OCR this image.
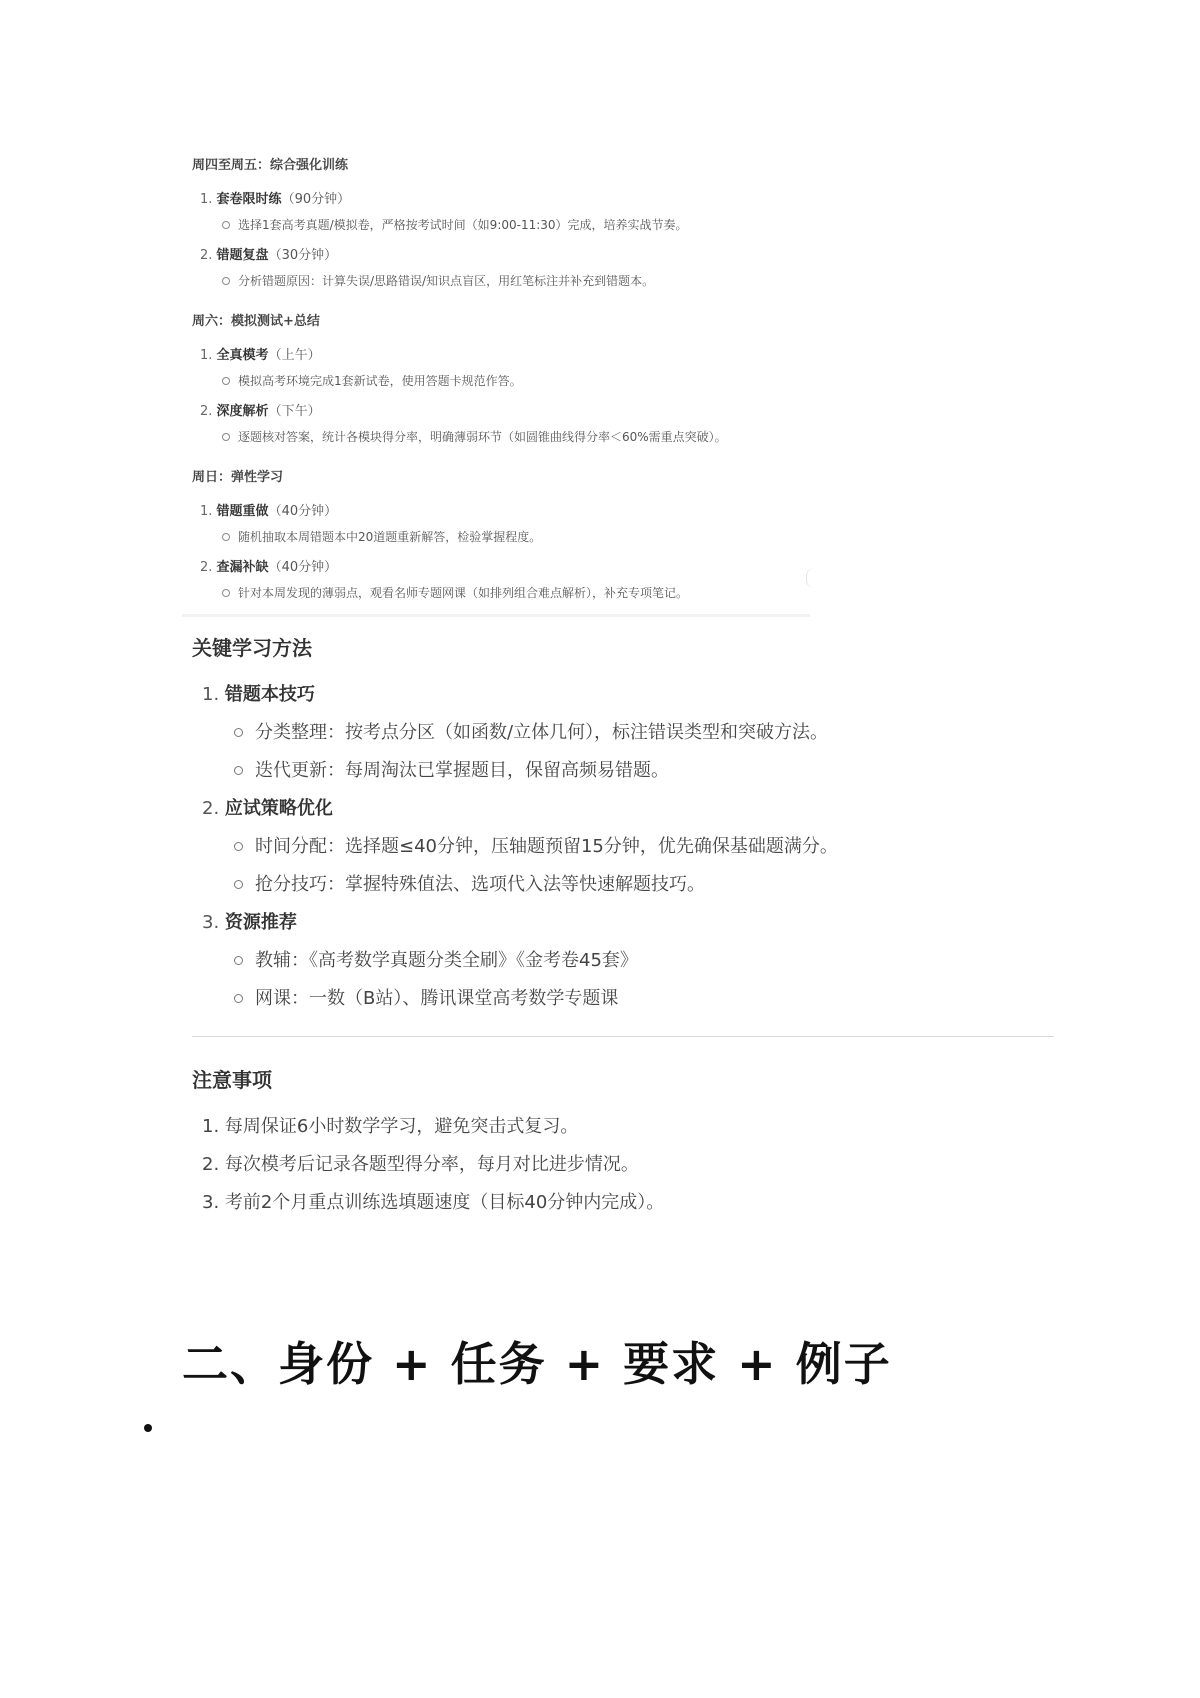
周四至周五：综合强化训练
1. 套卷限时练（90分钟）
选择1套高考真题/模拟卷，严格按考试时间（如9:00-11:30）完成，培养实战节奏。
2. 错题复盘（30分钟）
分析错题原因：计算失误/思路错误/知识点盲区，用红笔标注并补充到错题本。
周六：模拟测试+总结
1. 全真模考（上午）
模拟高考环境完成1套新试卷，使用答题卡规范作答。
2. 深度解析（下午）
逐题核对答案，统计各模块得分率，明确薄弱环节（如圆锥曲线得分率＜60%需重点突破）。
周日：弹性学习
1. 错题重做（40分钟）
随机抽取本周错题本中20道题重新解答，检验掌握程度。
2. 查漏补缺（40分钟）
针对本周发现的薄弱点，观看名师专题网课（如排列组合难点解析），补充专项笔记。
关键学习方法
1. 错题本技巧
分类整理：按考点分区（如函数/立体几何），标注错误类型和突破方法。
迭代更新：每周淘汰已掌握题目，保留高频易错题。
2. 应试策略优化
时间分配：选择题≤40分钟，压轴题预留15分钟，优先确保基础题满分。
抢分技巧：掌握特殊值法、选项代入法等快速解题技巧。
3. 资源推荐
教辅：《高考数学真题分类全刷》《金考卷45套》
网课：一数（B站）、腾讯课堂高考数学专题课
注意事项
1. 每周保证6小时数学学习，避免突击式复习。
2. 每次模考后记录各题型得分率，每月对比进步情况。
3. 考前2个月重点训练选填题速度（目标40分钟内完成）。
二、身份 + 任务 + 要求 + 例子
